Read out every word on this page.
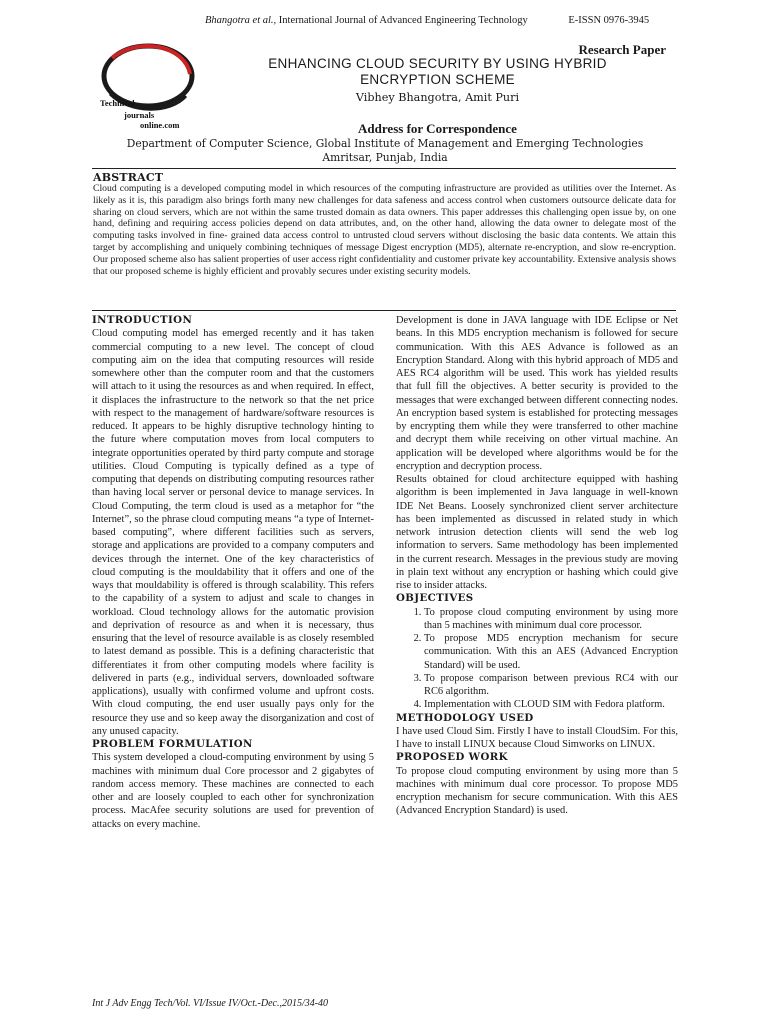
Bhangotra et al., International Journal of Advanced Engineering Technology	E-ISSN 0976-3945
Technical
journals
online.com
Research Paper
ENHANCING CLOUD SECURITY BY USING HYBRID ENCRYPTION SCHEME
Vibhey Bhangotra, Amit Puri
Address for Correspondence
Department of Computer Science, Global Institute of Management and Emerging Technologies
Amritsar, Punjab, India
ABSTRACT
Cloud computing is a developed computing model in which resources of the computing infrastructure are provided as utilities over the Internet. As likely as it is, this paradigm also brings forth many new challenges for data safeness and access control when customers outsource delicate data for sharing on cloud servers, which are not within the same trusted domain as data owners. This paper addresses this challenging open issue by, on one hand, defining and requiring access policies depend on data attributes, and, on the other hand, allowing the data owner to delegate most of the computing tasks involved in fine- grained data access control to untrusted cloud servers without disclosing the basic data contents. We attain this target by accomplishing and uniquely combining techniques of message Digest encryption (MD5), alternate re-encryption, and slow re-encryption. Our proposed scheme also has salient properties of user access right confidentiality and customer private key accountability. Extensive analysis shows that our proposed scheme is highly efficient and provably secures under existing security models.
INTRODUCTION

Cloud computing model has emerged recently and it has taken commercial computing to a new level. The concept of cloud computing aim on the idea that computing resources will reside somewhere other than the computer room and that the customers will attach to it using the resources as and when required. In effect, it displaces the infrastructure to the network so that the net price with respect to the management of hardware/software resources is reduced. It appears to be highly disruptive technology hinting to the future where computation moves from local computers to integrate opportunities operated by third party compute and storage utilities. Cloud Computing is typically defined as a type of computing that depends on distributing computing resources rather than having local server or personal device to manage services. In Cloud Computing, the term cloud is used as a metaphor for “the Internet”, so the phrase cloud computing means “a type of Internet-based computing”, where different facilities such as servers, storage and applications are provided to a company computers and devices through the internet. One of the key characteristics of cloud computing is the mouldability that it offers and one of the ways that mouldability is offered is through scalability. This refers to the capability of a system to adjust and scale to changes in workload. Cloud technology allows for the automatic provision and deprivation of resource as and when it is necessary, thus ensuring that the level of resource available is as closely resembled to latest demand as possible. This is a defining characteristic that differentiates it from other computing models where facility is delivered in parts (e.g., individual servers, downloaded software applications), usually with confirmed volume and upfront costs. With cloud computing, the end user usually pays only for the resource they use and so keep away the disorganization and cost of any unused capacity.

PROBLEM FORMULATION

This system developed a cloud-computing environment by using 5 machines with minimum dual Core processor and 2 gigabytes of random access memory. These machines are connected to each other and are loosely coupled to each other for synchronization process. MacAfee security solutions are used for prevention of attacks on every machine.

Development is done in JAVA language with IDE Eclipse or Net beans. In this MD5 encryption mechanism is followed for secure communication. With this AES Advance is followed as an Encryption Standard. Along with this hybrid approach of MD5 and AES RC4 algorithm will be used. This work has yielded results that full fill the objectives. A better security is provided to the messages that were exchanged between different connecting nodes. An encryption based system is established for protecting messages by encrypting them while they were transferred to other machine and decrypt them while receiving on other virtual machine. An application will be developed where algorithms would be for the encryption and decryption process.

Results obtained for cloud architecture equipped with hashing algorithm is been implemented in Java language in well-known IDE Net Beans. Loosely synchronized client server architecture has been implemented as discussed in related study in which network intrusion detection clients will send the web log information to servers. Same methodology has been implemented in the current research. Messages in the previous study are moving in plain text without any encryption or hashing which could give rise to insider attacks.

OBJECTIVES
1. To propose cloud computing environment by using more than 5 machines with minimum dual core processor.
2. To propose MD5 encryption mechanism for secure communication. With this an AES (Advanced Encryption Standard) will be used.
3. To propose comparison between previous RC4 with our RC6 algorithm.
4. Implementation with CLOUD SIM with Fedora platform.
METHODOLOGY USED

I have used Cloud Sim. Firstly I have to install CloudSim. For this, I have to install LINUX because Cloud Simworks on LINUX.

PROPOSED WORK

To propose cloud computing environment by using more than 5 machines with minimum dual core processor. To propose MD5 encryption mechanism for secure communication. With this AES (Advanced Encryption Standard) is used.

Int J Adv Engg Tech/Vol. VI/Issue IV/Oct.-Dec.,2015/34-40
